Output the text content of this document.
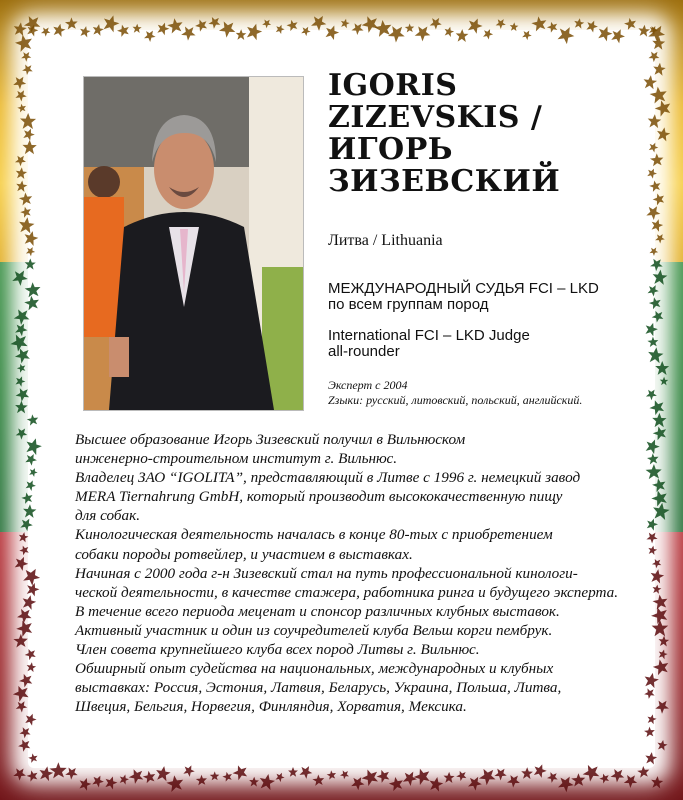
IGORIS
ZIZEVSKIS /
ИГОРЬ
ЗИЗЕВСКИЙ
Литва / Lithuania
МЕЖДУНАРОДНЫЙ СУДЬЯ FCI – LKD
по всем группам пород
International FCI – LKD Judge
all-rounder
Эксперт с 2004
Zзыки: русский, литовский, польский, английский.
Высшее образование Игорь Зизевский получил в Вильнюском
инженерно-строительном институт г. Вильнюс.
Владелец ЗАО “IGOLITA”, представляющий в Литве с 1996 г. немецкий завод
MERA Tiernahrung GmbH, который производит высококачественную пищу
для собак.
Кинологическая деятельность началась в конце 80-тых с приобретением
собаки породы ротвейлер, и участием в выставках.
Начиная с 2000 года г-н Зизевский стал на путь профессиональной кинологи-
ческой деятельности, в качестве стажера, работника ринга и будущего эксперта.
В течение всего периода меценат и спонсор различных клубных выставок.
Активный участник и один из соучредителей клуба Вельш корги пембрук.
Член совета крупнейшего клуба всех пород Литвы г. Вильнюс.
Обширный опыт судейства на национальных, международных и клубных
выставках: Россия, Эстония, Латвия, Беларусь, Украина, Польша, Литва,
Швеция, Бельгия, Норвегия, Финляндия, Хорватия, Мексика.
